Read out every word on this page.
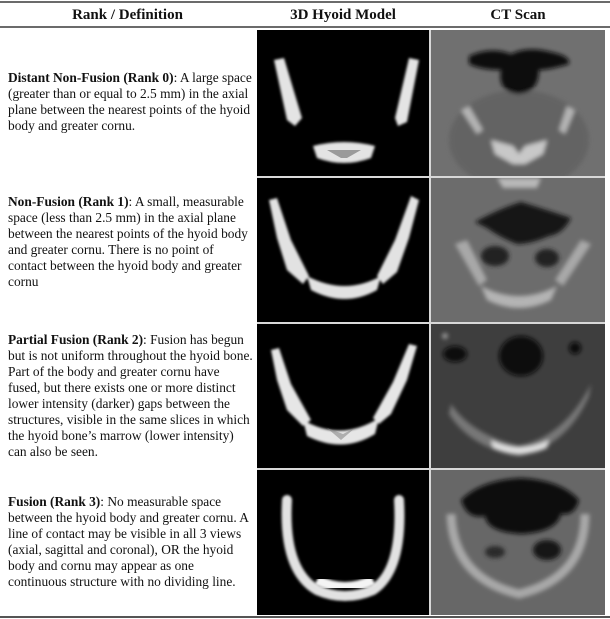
Rank / Definition	3D Hyoid Model	CT Scan
Distant Non-Fusion (Rank 0): A large space (greater than or equal to 2.5 mm) in the axial plane between the nearest points of the hyoid body and greater cornu.
Non-Fusion (Rank 1): A small, measurable space (less than 2.5 mm) in the axial plane between the nearest points of the hyoid body and greater cornu. There is no point of contact between the hyoid body and greater cornu
Partial Fusion (Rank 2): Fusion has begun but is not uniform throughout the hyoid bone. Part of the body and greater cornu have fused, but there exists one or more distinct lower intensity (darker) gaps between the structures, visible in the same slices in which the hyoid bone’s marrow (lower intensity) can also be seen.
Fusion (Rank 3): No measurable space between the hyoid body and greater cornu. A line of contact may be visible in all 3 views (axial, sagittal and coronal), OR the hyoid body and cornu may appear as one continuous structure with no dividing line.
